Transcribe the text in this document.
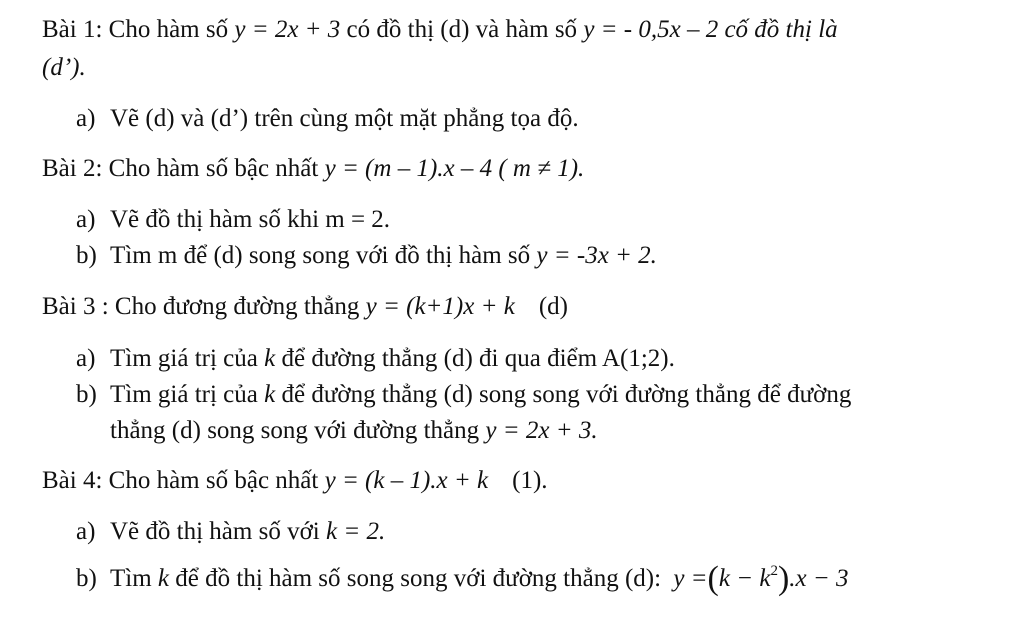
Bài 1: Cho hàm số y = 2x + 3 có đồ thị (d) và hàm số y = - 0,5x – 2 cố đồ thị là
(d’).
a) Vẽ (d) và (d’) trên cùng một mặt phẳng tọa độ.
Bài 2: Cho hàm số bậc nhất y = (m – 1).x – 4 ( m ≠ 1).
a) Vẽ đồ thị hàm số khi m = 2.
b) Tìm m để (d) song song với đồ thị hàm số y = -3x + 2.
Bài 3 : Cho đương đường thẳng y = (k+1)x + k (d)
a) Tìm giá trị của k để đường thẳng (d) đi qua điểm A(1;2).
b) Tìm giá trị của k để đường thẳng (d) song song với đường thẳng để đường
thẳng (d) song song với đường thẳng y = 2x + 3.
Bài 4: Cho hàm số bậc nhất y = (k – 1).x + k (1).
a) Vẽ đồ thị hàm số với k = 2.
b) Tìm k để đồ thị hàm số song song với đường thẳng (d): $y =(k - k^2).x - 3$
